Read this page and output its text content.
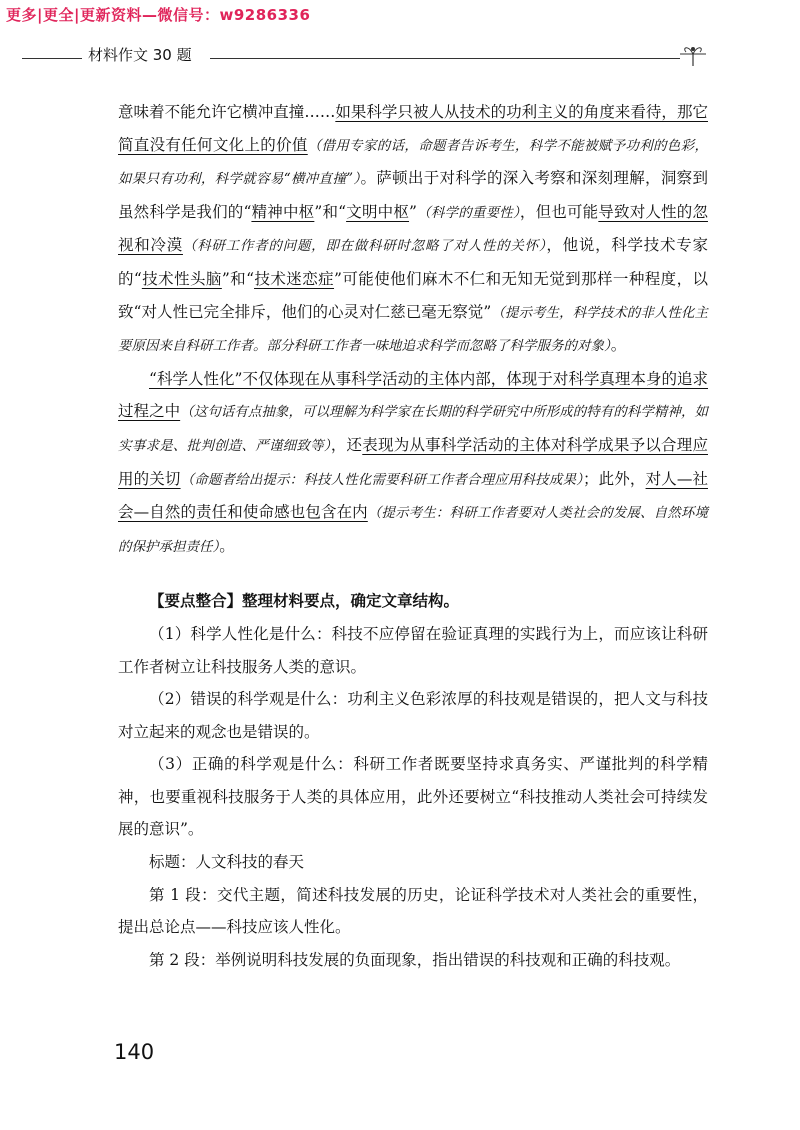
更多|更全|更新资料—微信号：w9286336
材料作文 30 题

意味着不能允许它横冲直撞……如果科学只被人从技术的功利主义的角度来看待，那它简直没有任何文化上的价值（借用专家的话，命题者告诉考生，科学不能被赋予功利的色彩，如果只有功利，科学就容易“横冲直撞”）。萨顿出于对科学的深入考察和深刻理解，洞察到虽然科学是我们的“精神中枢”和“文明中枢”（科学的重要性），但也可能导致对人性的忽视和冷漠（科研工作者的问题，即在做科研时忽略了对人性的关怀），他说，科学技术专家的“技术性头脑”和“技术迷恋症”可能使他们麻木不仁和无知无觉到那样一种程度，以致“对人性已完全排斥，他们的心灵对仁慈已毫无察觉”（提示考生，科学技术的非人性化主要原因来自科研工作者。部分科研工作者一味地追求科学而忽略了科学服务的对象）。

“科学人性化”不仅体现在从事科学活动的主体内部，体现于对科学真理本身的追求过程之中（这句话有点抽象，可以理解为科学家在长期的科学研究中所形成的特有的科学精神，如实事求是、批判创造、严谨细致等），还表现为从事科学活动的主体对科学成果予以合理应用的关切（命题者给出提示：科技人性化需要科研工作者合理应用科技成果）；此外，对人—社会—自然的责任和使命感也包含在内（提示考生：科研工作者要对人类社会的发展、自然环境的保护承担责任）。

【要点整合】整理材料要点，确定文章结构。

（1）科学人性化是什么：科技不应停留在验证真理的实践行为上，而应该让科研工作者树立让科技服务人类的意识。

（2）错误的科学观是什么：功利主义色彩浓厚的科技观是错误的，把人文与科技对立起来的观念也是错误的。

（3）正确的科学观是什么：科研工作者既要坚持求真务实、严谨批判的科学精神，也要重视科技服务于人类的具体应用，此外还要树立“科技推动人类社会可持续发展的意识”。

标题：人文科技的春天

第 1 段：交代主题，简述科技发展的历史，论证科学技术对人类社会的重要性，提出总论点——科技应该人性化。

第 2 段：举例说明科技发展的负面现象，指出错误的科技观和正确的科技观。

140
